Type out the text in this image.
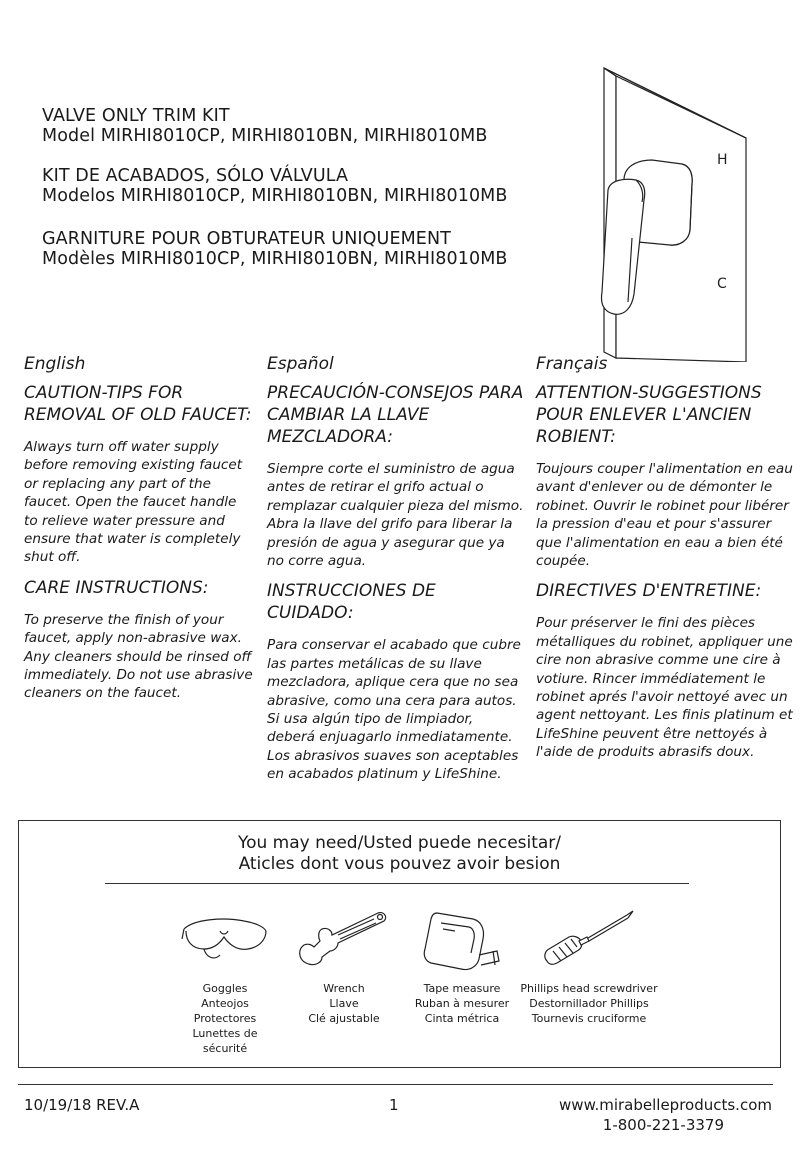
VALVE ONLY TRIM KIT
Model MIRHI8010CP, MIRHI8010BN, MIRHI8010MB
KIT DE ACABADOS, SÓLO VÁLVULA
Modelos MIRHI8010CP, MIRHI8010BN, MIRHI8010MB
GARNITURE POUR OBTURATEUR UNIQUEMENT
Modèles MIRHI8010CP, MIRHI8010BN, MIRHI8010MB
H
C
English
CAUTION-TIPS FOR REMOVAL OF OLD FAUCET:
Always turn off water supply before removing existing faucet or replacing any part of the faucet. Open the faucet handle to relieve water pressure and ensure that water is completely shut off.
CARE INSTRUCTIONS:
To preserve the finish of your faucet, apply non-abrasive wax. Any cleaners should be rinsed off immediately. Do not use abrasive cleaners on the faucet.
Español
PRECAUCIÓN-CONSEJOS PARA CAMBIAR LA LLAVE MEZCLADORA:
Siempre corte el suministro de agua antes de retirar el grifo actual o remplazar cualquier pieza del mismo. Abra la llave del grifo para liberar la presión de agua y asegurar que ya no corre agua.
INSTRUCCIONES DE CUIDADO:
Para conservar el acabado que cubre las partes metálicas de su llave mezcladora, aplique cera que no sea abrasive, como una cera para autos. Si usa algún tipo de limpiador, deberá enjuagarlo inmediatamente. Los abrasivos suaves son aceptables en acabados platinum y LifeShine.
Français
ATTENTION-SUGGESTIONS POUR ENLEVER L'ANCIEN ROBIENT:
Toujours couper l'alimentation en eau avant d'enlever ou de démonter le robinet. Ouvrir le robinet pour libérer la pression d'eau et pour s'assurer que l'alimentation en eau a bien été coupée.
DIRECTIVES D'ENTRETINE:
Pour préserver le fini des pièces métalliques du robinet, appliquer une cire non abrasive comme une cire à votiure. Rincer immédiatement le robinet aprés l'avoir nettoyé avec un agent nettoyant. Les finis platinum et LifeShine peuvent être nettoyés à l'aide de produits abrasifs doux.
You may need/Usted puede necesitar/
Aticles dont vous pouvez avoir besion
Goggles
Anteojos Protectores
Lunettes de sécurité
Wrench
Llave
Clé ajustable
Tape measure
Ruban à mesurer
Cinta métrica
Phillips head screwdriver
Destornillador Phillips
Tournevis cruciforme
10/19/18 REV.A	1	www.mirabelleproducts.com
1-800-221-3379
